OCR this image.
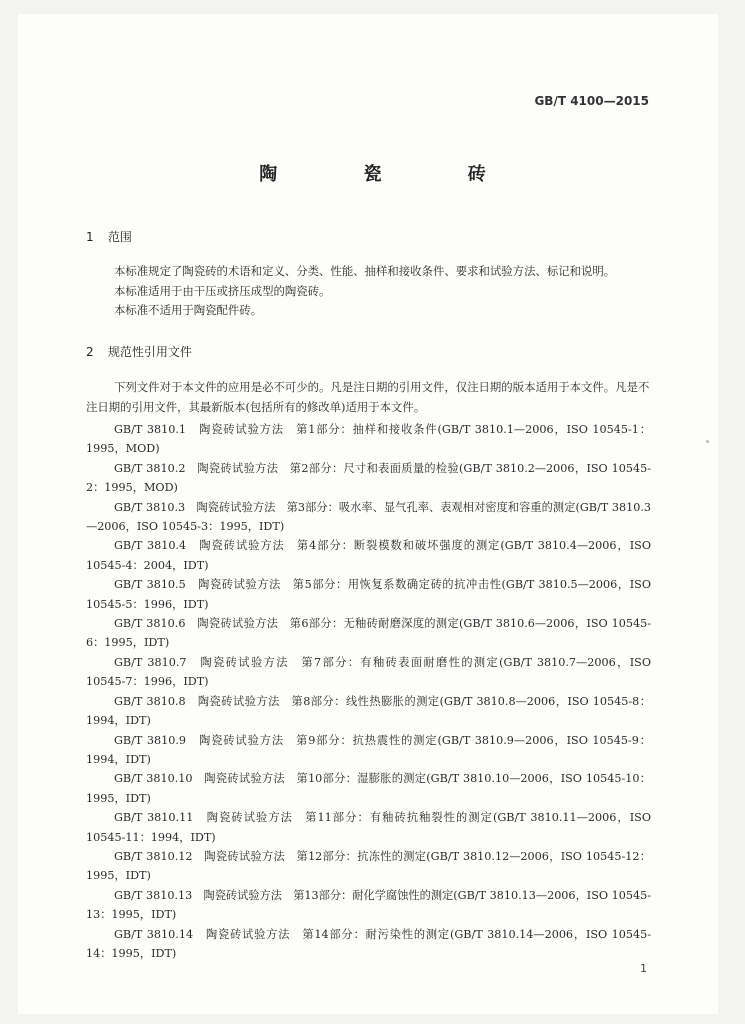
GB/T 4100—2015
陶 瓷 砖
1 范围

本标准规定了陶瓷砖的术语和定义、分类、性能、抽样和接收条件、要求和试验方法、标记和说明。

本标准适用于由干压或挤压成型的陶瓷砖。

本标准不适用于陶瓷配件砖。

2 规范性引用文件

下列文件对于本文件的应用是必不可少的。凡是注日期的引用文件，仅注日期的版本适用于本文件。凡是不注日期的引用文件，其最新版本(包括所有的修改单)适用于本文件。

GB/T 3810.1　陶瓷砖试验方法　第1部分：抽样和接收条件(GB/T 3810.1—2006，ISO 10545-1：1995，MOD)

GB/T 3810.2　陶瓷砖试验方法　第2部分：尺寸和表面质量的检验(GB/T 3810.2—2006，ISO 10545-2：1995，MOD)

GB/T 3810.3　陶瓷砖试验方法　第3部分：吸水率、显气孔率、表观相对密度和容重的测定(GB/T 3810.3—2006，ISO 10545-3：1995，IDT)

GB/T 3810.4　陶瓷砖试验方法　第4部分：断裂模数和破坏强度的测定(GB/T 3810.4—2006，ISO 10545-4：2004，IDT)

GB/T 3810.5　陶瓷砖试验方法　第5部分：用恢复系数确定砖的抗冲击性(GB/T 3810.5—2006，ISO 10545-5：1996，IDT)

GB/T 3810.6　陶瓷砖试验方法　第6部分：无釉砖耐磨深度的测定(GB/T 3810.6—2006，ISO 10545-6：1995，IDT)

GB/T 3810.7　陶瓷砖试验方法　第7部分：有釉砖表面耐磨性的测定(GB/T 3810.7—2006，ISO 10545-7：1996，IDT)

GB/T 3810.8　陶瓷砖试验方法　第8部分：线性热膨胀的测定(GB/T 3810.8—2006，ISO 10545-8：1994，IDT)

GB/T 3810.9　陶瓷砖试验方法　第9部分：抗热震性的测定(GB/T 3810.9—2006，ISO 10545-9：1994，IDT)

GB/T 3810.10　陶瓷砖试验方法　第10部分：湿膨胀的测定(GB/T 3810.10—2006，ISO 10545-10：1995，IDT)

GB/T 3810.11　陶瓷砖试验方法　第11部分：有釉砖抗釉裂性的测定(GB/T 3810.11—2006，ISO 10545-11：1994，IDT)

GB/T 3810.12　陶瓷砖试验方法　第12部分：抗冻性的测定(GB/T 3810.12—2006，ISO 10545-12：1995，IDT)

GB/T 3810.13　陶瓷砖试验方法　第13部分：耐化学腐蚀性的测定(GB/T 3810.13—2006，ISO 10545-13：1995，IDT)

GB/T 3810.14　陶瓷砖试验方法　第14部分：耐污染性的测定(GB/T 3810.14—2006，ISO 10545-14：1995，IDT)

1
